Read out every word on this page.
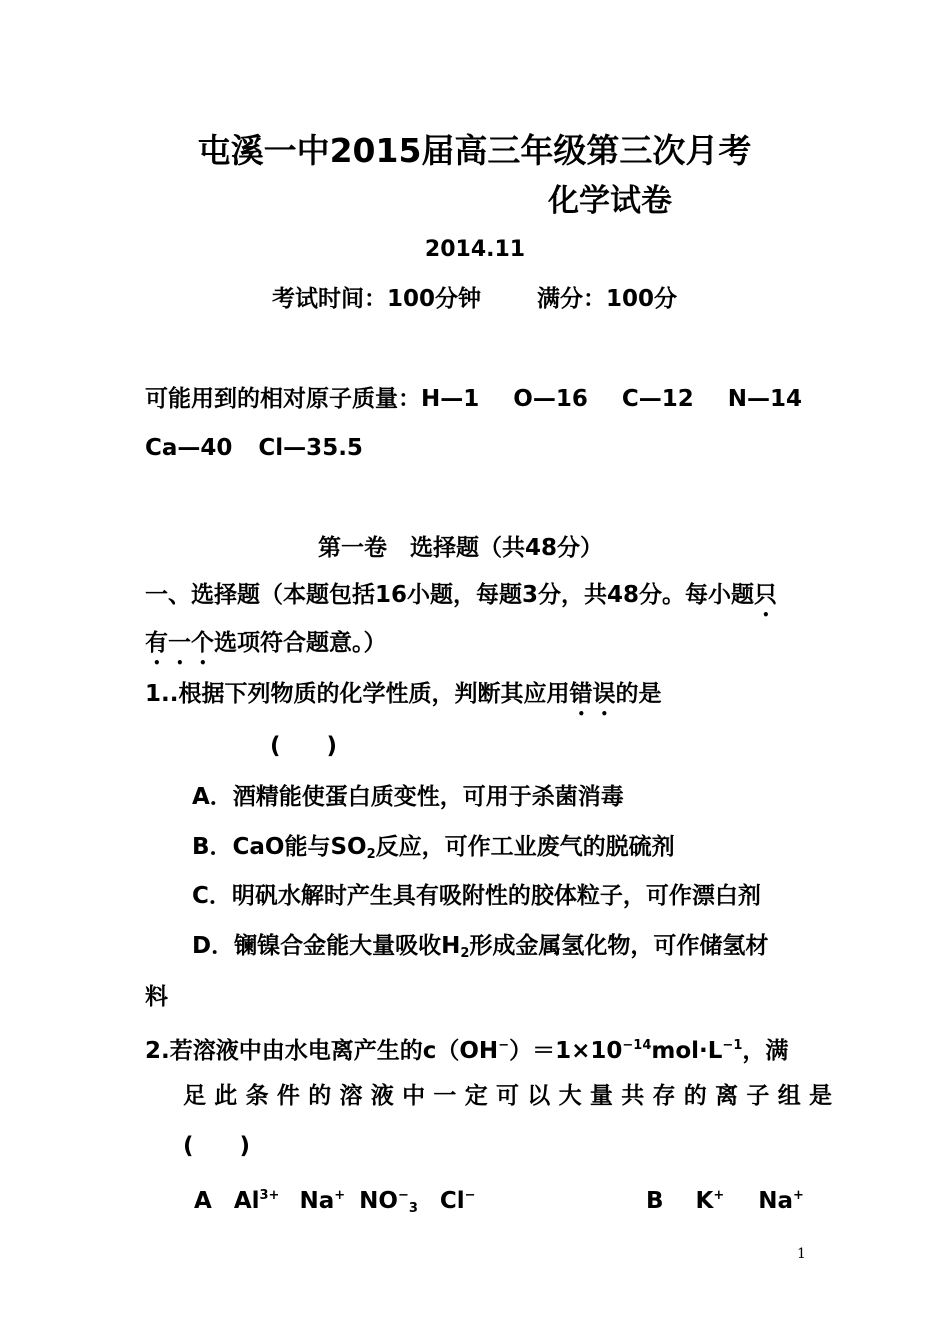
屯溪一中2015届高三年级第三次月考
化学试卷
2014.11
考试时间：100分钟 满分：100分
可能用到的相对原子质量：H—1 O—16 C—12 N—14
Ca—40 Cl—35.5
第一卷　选择题（共48分）
一、选择题（本题包括16小题，每题3分，共48分。每小题只
有一个选项符合题意。）
1..根据下列物质的化学性质，判断其应用错误的是
(　　)
A．酒精能使蛋白质变性，可用于杀菌消毒
B．CaO能与$SO_2$反应，可作工业废气的脱硫剂
C．明矾水解时产生具有吸附性的胶体粒子，可作漂白剂
D．镧镍合金能大量吸收$H_2$形成金属氢化物，可作储氢材
料
2.若溶液中由水电离产生的$c(OH^-)=1\times 10^{-14}mol\cdot L^{-1}$，满
足此条件的溶液中一定可以大量共存的离子组是
(　　)
A $Al^{3+}$ Na+ $NO^-_3$ Cl−	B K+ Na+
1
